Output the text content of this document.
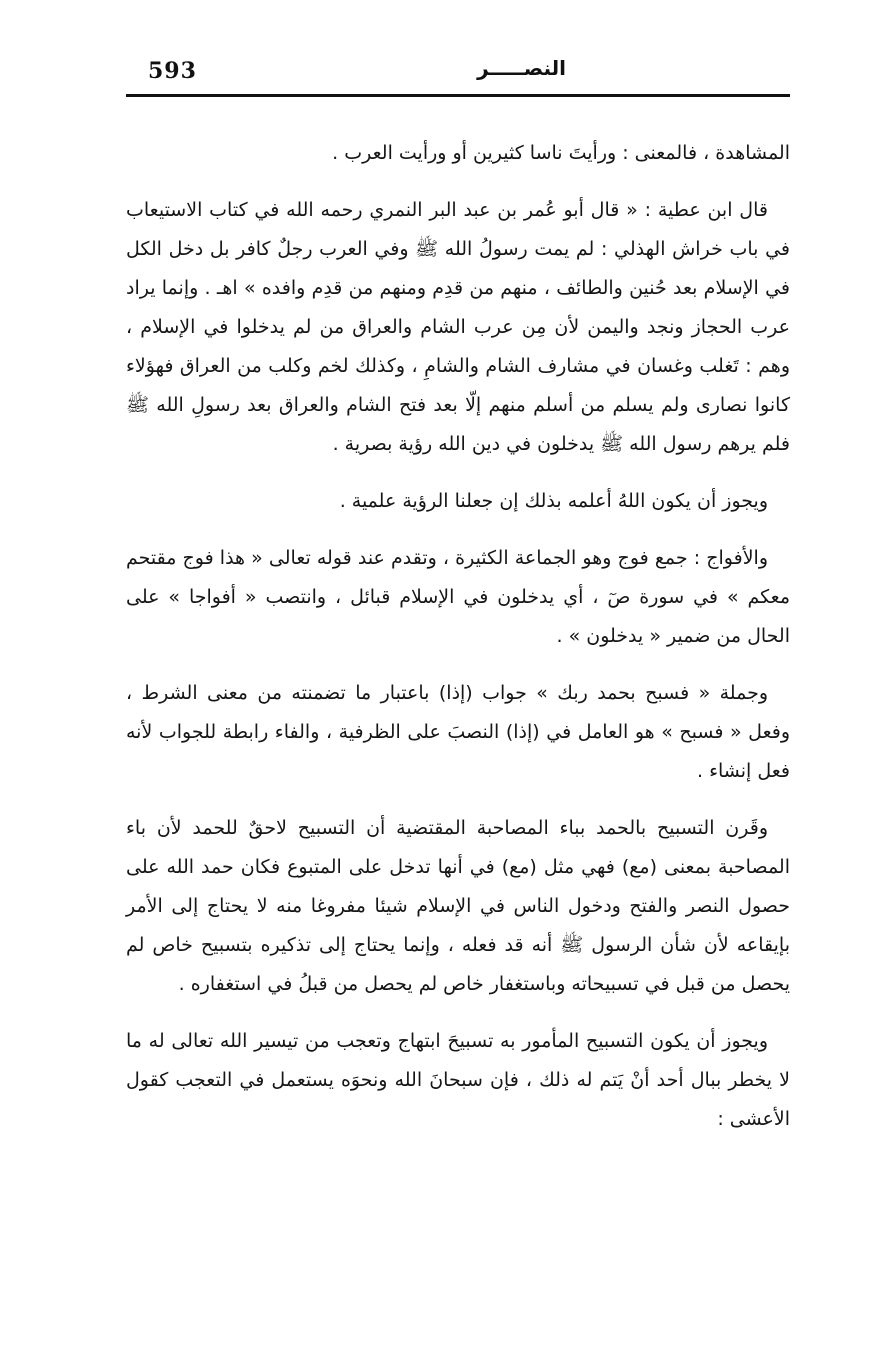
593	النصـــــر

المشاهدة ، فالمعنى : ورأيتَ ناسا كثيرين أو ورأيت العرب .

قال ابن عطية : « قال أبو عُمر بن عبد البر النمري رحمه الله في كتاب الاستيعاب في باب خراش الهذلي : لم يمت رسولُ الله ﷺ وفي العرب رجلٌ كافر بل دخل الكل في الإسلام بعد حُنين والطائف ، منهم من قدِم ومنهم من قدِم وافده » اهـ . وإنما يراد عرب الحجاز ونجد واليمن لأن مِن عرب الشام والعراق من لم يدخلوا في الإسلام ، وهم : تَغلب وغسان في مشارف الشام والشامِ ، وكذلك لخم وكلب من العراق فهؤلاء كانوا نصارى ولم يسلم من أسلم منهم إلّا بعد فتح الشام والعراق بعد رسولِ الله ﷺ فلم يرهم رسول الله ﷺ يدخلون في دين الله رؤية بصرية .

ويجوز أن يكون اللهُ أعلمه بذلك إن جعلنا الرؤية علمية .

والأفواج : جمع فوج وهو الجماعة الكثيرة ، وتقدم عند قوله تعالى « هذا فوج مقتحم معكم » في سورة صٓ ، أي يدخلون في الإسلام قبائل ، وانتصب « أفواجا » على الحال من ضمير « يدخلون » .

وجملة « فسبح بحمد ربك » جواب (إذا) باعتبار ما تضمنته من معنى الشرط ، وفعل « فسبح » هو العامل في (إذا) النصبَ على الظرفية ، والفاء رابطة للجواب لأنه فعل إنشاء .

وقَرن التسبيح بالحمد بباء المصاحبة المقتضية أن التسبيح لاحقٌ للحمد لأن باء المصاحبة بمعنى (مع) فهي مثل (مع) في أنها تدخل على المتبوع فكان حمد الله على حصول النصر والفتح ودخول الناس في الإسلام شيئا مفروغا منه لا يحتاج إلى الأمر بإيقاعه لأن شأن الرسول ﷺ أنه قد فعله ، وإنما يحتاج إلى تذكيره بتسبيح خاص لم يحصل من قبل في تسبيحاته وباستغفار خاص لم يحصل من قبلُ في استغفاره .

ويجوز أن يكون التسبيح المأمور به تسبيحَ ابتهاج وتعجب من تيسير الله تعالى له ما لا يخطر ببال أحد أنْ يَتم له ذلك ، فإن سبحانَ الله ونحوَه يستعمل في التعجب كقول الأعشى :
